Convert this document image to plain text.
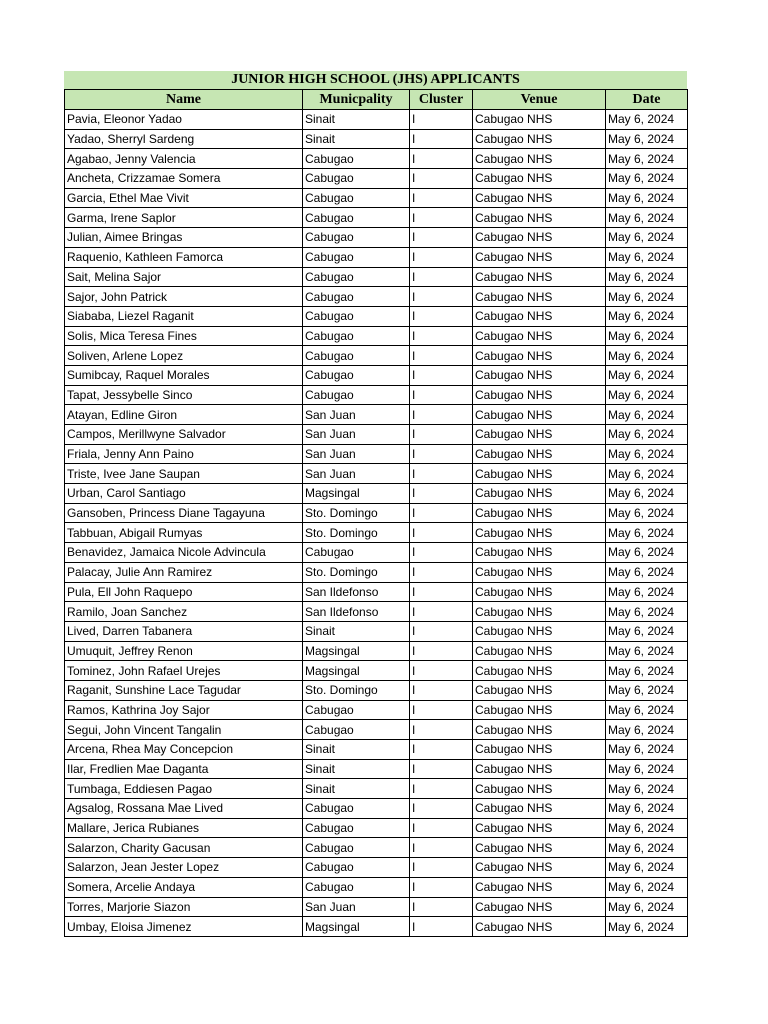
JUNIOR HIGH SCHOOL (JHS) APPLICANTS
Name	Municpality	Cluster	Venue	Date
Pavia, Eleonor Yadao	Sinait	I	Cabugao NHS	May 6, 2024
Yadao, Sherryl Sardeng	Sinait	I	Cabugao NHS	May 6, 2024
Agabao, Jenny Valencia	Cabugao	I	Cabugao NHS	May 6, 2024
Ancheta, Crizzamae Somera	Cabugao	I	Cabugao NHS	May 6, 2024
Garcia, Ethel Mae Vivit	Cabugao	I	Cabugao NHS	May 6, 2024
Garma, Irene Saplor	Cabugao	I	Cabugao NHS	May 6, 2024
Julian, Aimee Bringas	Cabugao	I	Cabugao NHS	May 6, 2024
Raquenio, Kathleen Famorca	Cabugao	I	Cabugao NHS	May 6, 2024
Sait, Melina Sajor	Cabugao	I	Cabugao NHS	May 6, 2024
Sajor, John Patrick	Cabugao	I	Cabugao NHS	May 6, 2024
Siababa, Liezel Raganit	Cabugao	I	Cabugao NHS	May 6, 2024
Solis, Mica Teresa Fines	Cabugao	I	Cabugao NHS	May 6, 2024
Soliven, Arlene Lopez	Cabugao	I	Cabugao NHS	May 6, 2024
Sumibcay, Raquel Morales	Cabugao	I	Cabugao NHS	May 6, 2024
Tapat, Jessybelle Sinco	Cabugao	I	Cabugao NHS	May 6, 2024
Atayan, Edline Giron	San Juan	I	Cabugao NHS	May 6, 2024
Campos, Merillwyne Salvador	San Juan	I	Cabugao NHS	May 6, 2024
Friala, Jenny Ann Paino	San Juan	I	Cabugao NHS	May 6, 2024
Triste, Ivee Jane Saupan	San Juan	I	Cabugao NHS	May 6, 2024
Urban, Carol Santiago	Magsingal	I	Cabugao NHS	May 6, 2024
Gansoben, Princess Diane Tagayuna	Sto. Domingo	I	Cabugao NHS	May 6, 2024
Tabbuan, Abigail Rumyas	Sto. Domingo	I	Cabugao NHS	May 6, 2024
Benavidez, Jamaica Nicole Advincula	Cabugao	I	Cabugao NHS	May 6, 2024
Palacay, Julie Ann Ramirez	Sto. Domingo	I	Cabugao NHS	May 6, 2024
Pula, Ell John Raquepo	San Ildefonso	I	Cabugao NHS	May 6, 2024
Ramilo, Joan Sanchez	San Ildefonso	I	Cabugao NHS	May 6, 2024
Lived, Darren Tabanera	Sinait	I	Cabugao NHS	May 6, 2024
Umuquit, Jeffrey Renon	Magsingal	I	Cabugao NHS	May 6, 2024
Tominez, John Rafael Urejes	Magsingal	I	Cabugao NHS	May 6, 2024
Raganit, Sunshine Lace Tagudar	Sto. Domingo	I	Cabugao NHS	May 6, 2024
Ramos, Kathrina Joy Sajor	Cabugao	I	Cabugao NHS	May 6, 2024
Segui, John Vincent Tangalin	Cabugao	I	Cabugao NHS	May 6, 2024
Arcena, Rhea May Concepcion	Sinait	I	Cabugao NHS	May 6, 2024
Ilar, Fredlien Mae Daganta	Sinait	I	Cabugao NHS	May 6, 2024
Tumbaga, Eddiesen Pagao	Sinait	I	Cabugao NHS	May 6, 2024
Agsalog, Rossana Mae Lived	Cabugao	I	Cabugao NHS	May 6, 2024
Mallare, Jerica Rubianes	Cabugao	I	Cabugao NHS	May 6, 2024
Salarzon, Charity Gacusan	Cabugao	I	Cabugao NHS	May 6, 2024
Salarzon, Jean Jester Lopez	Cabugao	I	Cabugao NHS	May 6, 2024
Somera, Arcelie Andaya	Cabugao	I	Cabugao NHS	May 6, 2024
Torres, Marjorie Siazon	San Juan	I	Cabugao NHS	May 6, 2024
Umbay, Eloisa Jimenez	Magsingal	I	Cabugao NHS	May 6, 2024
